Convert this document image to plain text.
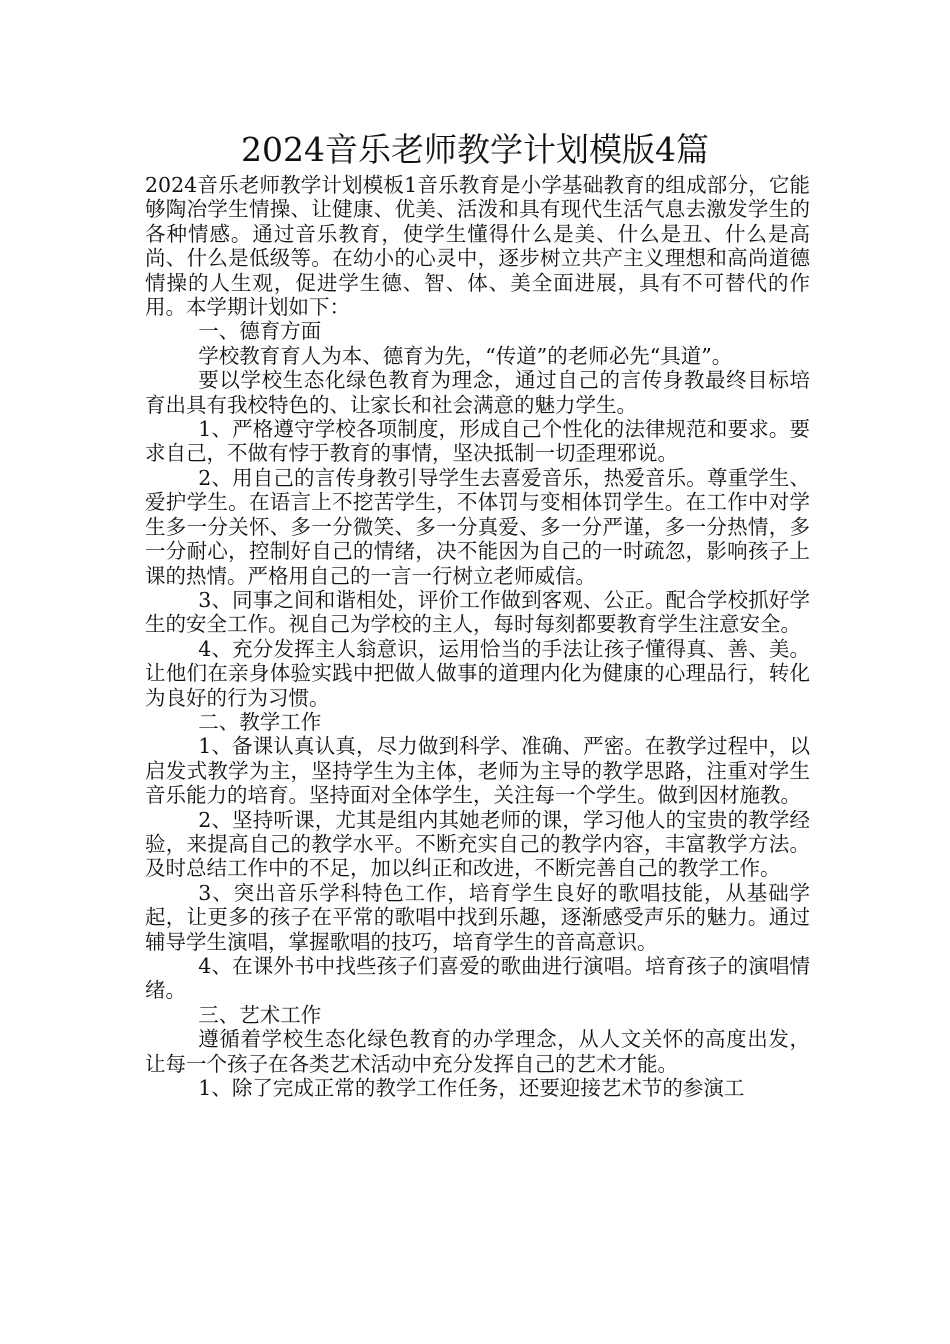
2024音乐老师教学计划模版4篇

2024音乐老师教学计划模板1音乐教育是小学基础教育的组成部分，它能够陶冶学生情操、让健康、优美、活泼和具有现代生活气息去激发学生的各种情感。通过音乐教育，使学生懂得什么是美、什么是丑、什么是高尚、什么是低级等。在幼小的心灵中，逐步树立共产主义理想和高尚道德情操的人生观，促进学生德、智、体、美全面进展，具有不可替代的作用。本学期计划如下：

一、德育方面

学校教育育人为本、德育为先，“传道”的老师必先“具道”。

要以学校生态化绿色教育为理念，通过自己的言传身教最终目标培育出具有我校特色的、让家长和社会满意的魅力学生。

1、严格遵守学校各项制度，形成自己个性化的法律规范和要求。要求自己，不做有悖于教育的事情，坚决抵制一切歪理邪说。

2、用自己的言传身教引导学生去喜爱音乐，热爱音乐。尊重学生、爱护学生。在语言上不挖苦学生，不体罚与变相体罚学生。在工作中对学生多一分关怀、多一分微笑、多一分真爱、多一分严谨，多一分热情，多一分耐心，控制好自己的情绪，决不能因为自己的一时疏忽，影响孩子上课的热情。严格用自己的一言一行树立老师威信。

3、同事之间和谐相处，评价工作做到客观、公正。配合学校抓好学生的安全工作。视自己为学校的主人，每时每刻都要教育学生注意安全。

4、充分发挥主人翁意识，运用恰当的手法让孩子懂得真、善、美。让他们在亲身体验实践中把做人做事的道理内化为健康的心理品行，转化为良好的行为习惯。

二、教学工作

1、备课认真认真，尽力做到科学、准确、严密。在教学过程中，以启发式教学为主，坚持学生为主体，老师为主导的教学思路，注重对学生音乐能力的培育。坚持面对全体学生，关注每一个学生。做到因材施教。

2、坚持听课，尤其是组内其她老师的课，学习他人的宝贵的教学经验，来提高自己的教学水平。不断充实自己的教学内容，丰富教学方法。及时总结工作中的不足，加以纠正和改进，不断完善自己的教学工作。

3、突出音乐学科特色工作，培育学生良好的歌唱技能，从基础学起，让更多的孩子在平常的歌唱中找到乐趣，逐渐感受声乐的魅力。通过辅导学生演唱，掌握歌唱的技巧，培育学生的音高意识。

4、在课外书中找些孩子们喜爱的歌曲进行演唱。培育孩子的演唱情绪。

三、艺术工作

遵循着学校生态化绿色教育的办学理念，从人文关怀的高度出发，让每一个孩子在各类艺术活动中充分发挥自己的艺术才能。

1、除了完成正常的教学工作任务，还要迎接艺术节的参演工
